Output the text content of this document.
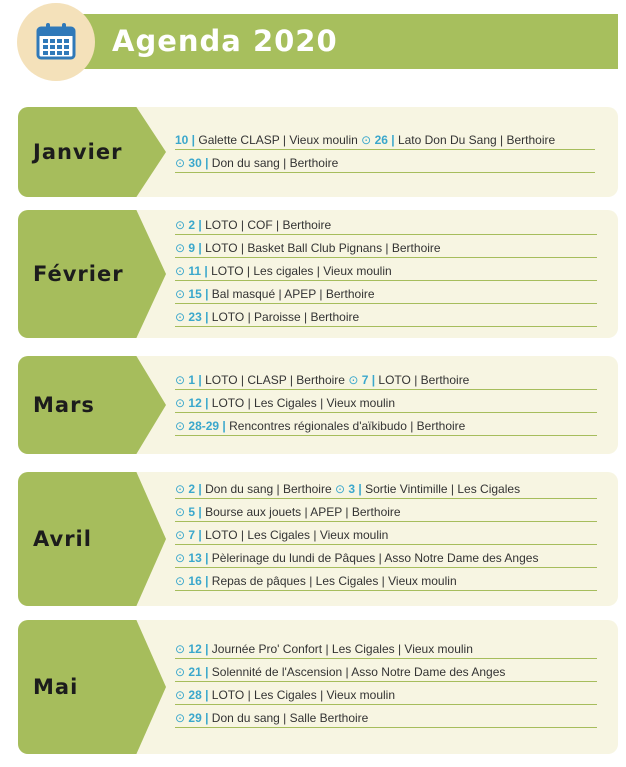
Agenda 2020
Janvier	10 | Galette CLASP | Vieux moulin ⊙ 26 | Lato Don Du Sang | Berthoire
⊙ 30 | Don du sang | Berthoire
Février
⊙ 2 | LOTO | COF | Berthoire
⊙ 9 | LOTO | Basket Ball Club Pignans | Berthoire
⊙ 11 | LOTO | Les cigales | Vieux moulin
⊙ 15 | Bal masqué | APEP | Berthoire
⊙ 23 | LOTO | Paroisse | Berthoire
Mars
⊙ 1 | LOTO | CLASP | Berthoire ⊙ 7 | LOTO | Berthoire
⊙ 12 | LOTO | Les Cigales | Vieux moulin
⊙ 28-29 | Rencontres régionales d'aïkibudo | Berthoire
Avril
⊙ 2 | Don du sang | Berthoire ⊙ 3 | Sortie Vintimille | Les Cigales
⊙ 5 | Bourse aux jouets | APEP | Berthoire
⊙ 7 | LOTO | Les Cigales | Vieux moulin
⊙ 13 | Pèlerinage du lundi de Pâques | Asso Notre Dame des Anges
⊙ 16 | Repas de pâques | Les Cigales | Vieux moulin
Mai
⊙ 12 | Journée Pro' Confort | Les Cigales | Vieux moulin
⊙ 21 | Solennité de l'Ascension | Asso Notre Dame des Anges
⊙ 28 | LOTO | Les Cigales | Vieux moulin
⊙ 29 | Don du sang | Salle Berthoire
